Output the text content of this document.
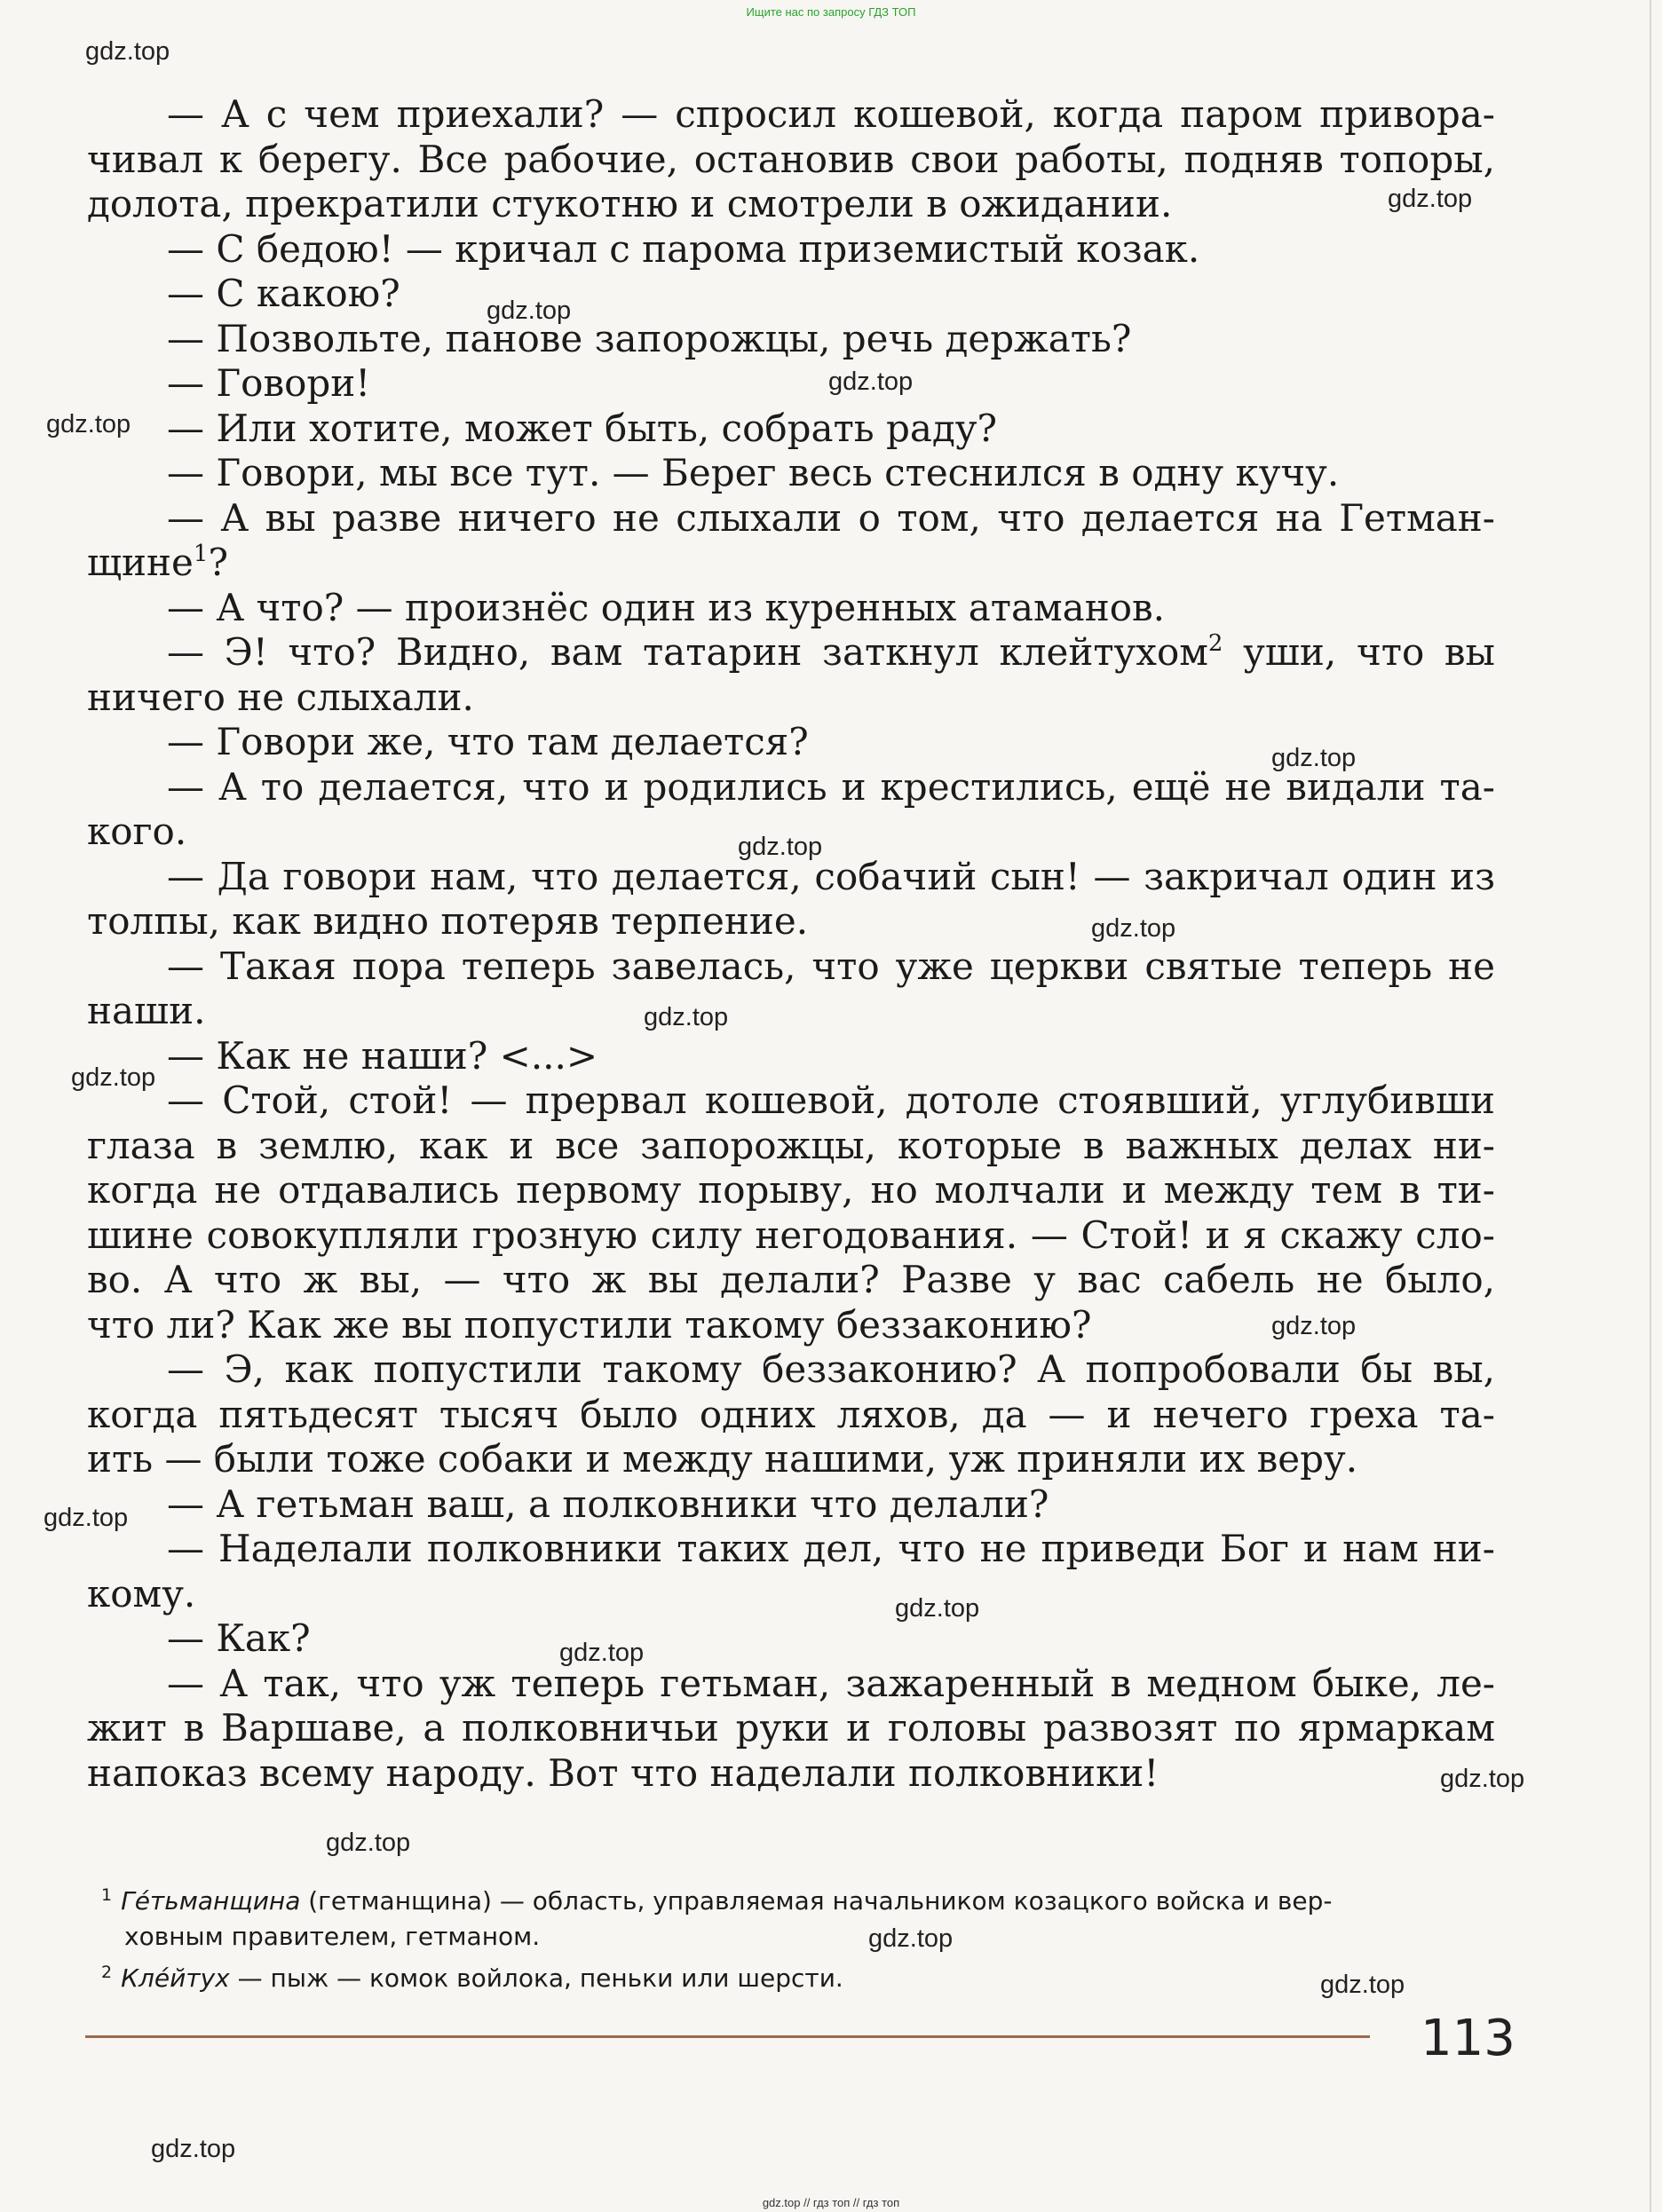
Ищите нас по запросу ГДЗ ТОП
— А с чем приехали? — спросил кошевой, когда паром привора-
чивал к берегу. Все рабочие, остановив свои работы, подняв топоры,
долота, прекратили стукотню и смотрели в ожидании.
— С бедою! — кричал с парома приземистый козак.
— С какою?
— Позвольте, панове запорожцы, речь держать?
— Говори!
— Или хотите, может быть, собрать раду?
— Говори, мы все тут. — Берег весь стеснился в одну кучу.
— А вы разве ничего не слыхали о том, что делается на Гетман-
щине$^1$?
— А что? — произнёс один из куренных атаманов.
— Э! что? Видно, вам татарин заткнул клейтухом$^2$ уши, что вы
ничего не слыхали.
— Говори же, что там делается?
— А то делается, что и родились и крестились, ещё не видали та-
кого.
— Да говори нам, что делается, собачий сын! — закричал один из
толпы, как видно потеряв терпение.
— Такая пора теперь завелась, что уже церкви святые теперь не
наши.
— Как не наши? <...>
— Стой, стой! — прервал кошевой, дотоле стоявший, углубивши
глаза в землю, как и все запорожцы, которые в важных делах ни-
когда не отдавались первому порыву, но молчали и между тем в ти-
шине совокупляли грозную силу негодования. — Стой! и я скажу сло-
во. А что ж вы, — что ж вы делали? Разве у вас сабель не было,
что ли? Как же вы попустили такому беззаконию?
— Э, как попустили такому беззаконию? А попробовали бы вы,
когда пятьдесят тысяч было одних ляхов, да — и нечего греха та-
ить — были тоже собаки и между нашими, уж приняли их веру.
— А гетьман ваш, а полковники что делали?
— Наделали полковники таких дел, что не приведи Бог и нам ни-
кому.
— Как?
— А так, что уж теперь гетьман, зажаренный в медном быке, ле-
жит в Варшаве, а полковничьи руки и головы развозят по ярмаркам
напоказ всему народу. Вот что наделали полковники!
$^1$ Гéтьманщина (гетманщина) — область, управляемая начальником козацкого войска и вер-
ховным правителем, гетманом.
$^2$ Клéйтух — пыж — комок войлока, пеньки или шерсти.
113
gdz.top // гдз топ // гдз топ
gdz.top
gdz.top
gdz.top
gdz.top
gdz.top
gdz.top
gdz.top
gdz.top
gdz.top
gdz.top
gdz.top
gdz.top
gdz.top
gdz.top
gdz.top
gdz.top
gdz.top
gdz.top
gdz.top
